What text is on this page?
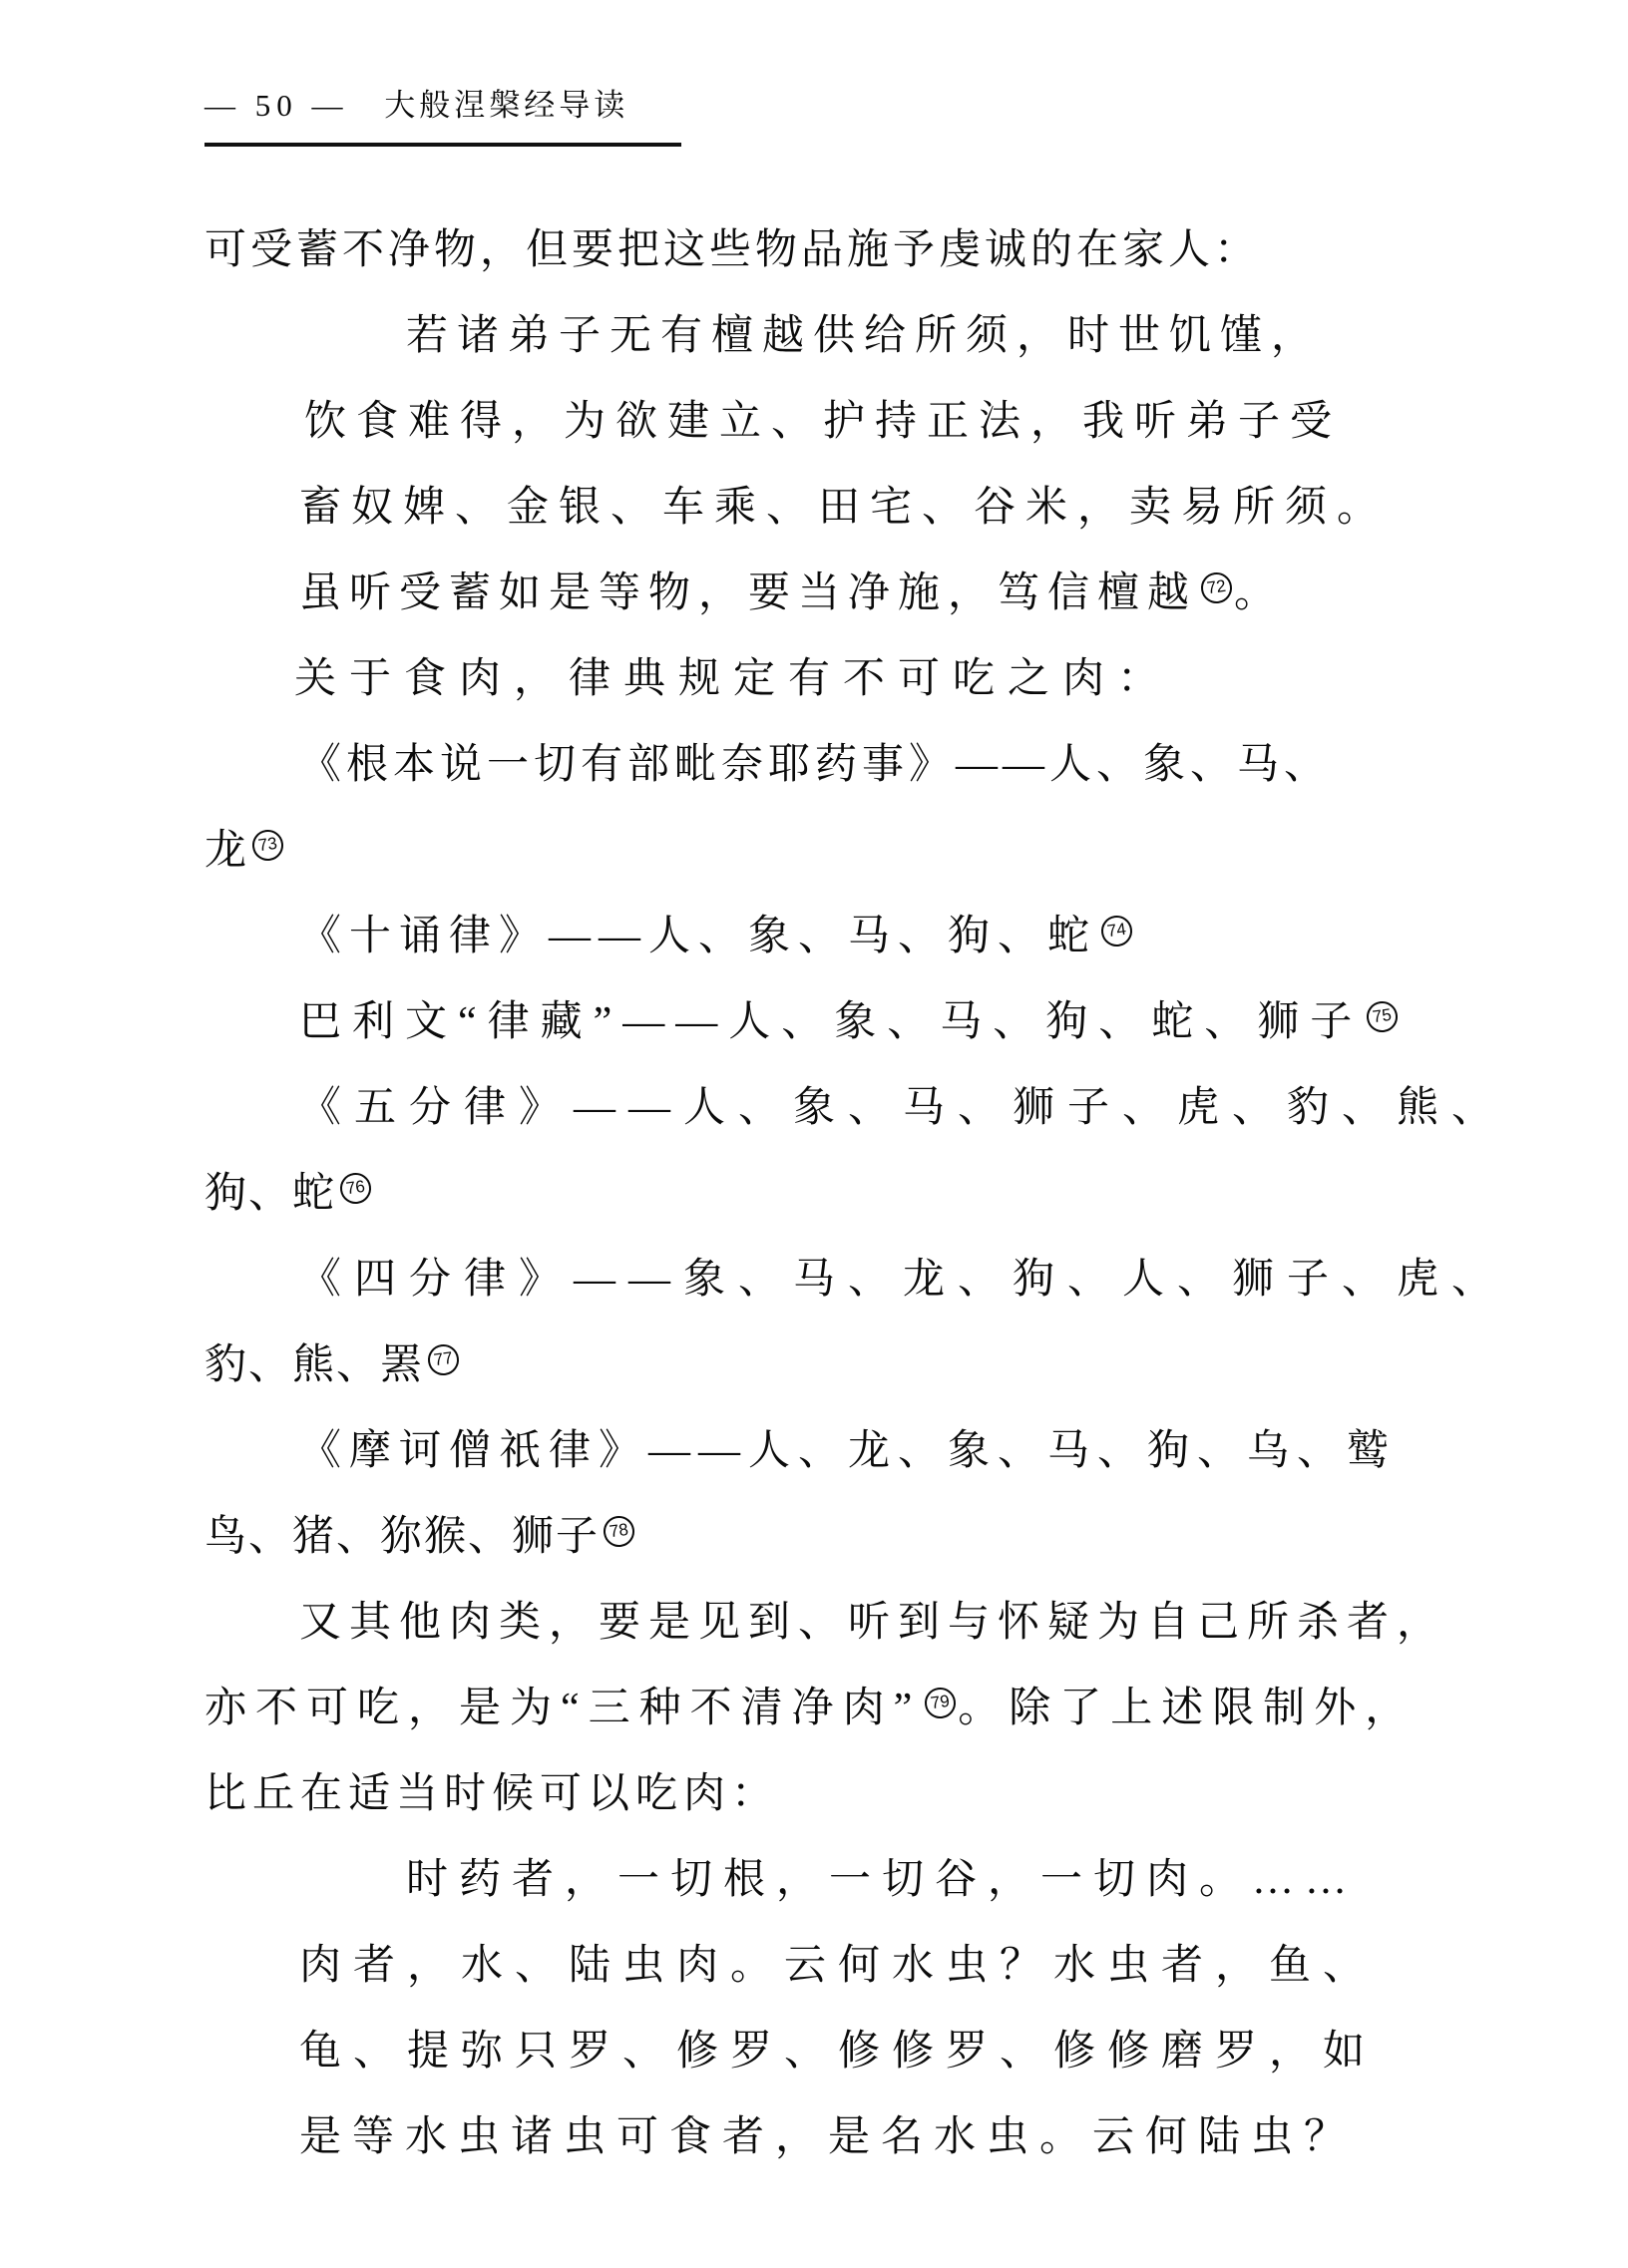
— 50 — 大般涅槃经导读
可受蓄不净物，但要把这些物品施予虔诚的在家人：
若诸弟子无有檀越供给所须，时世饥馑，
饮食难得，为欲建立、护持正法，我听弟子受
畜奴婢、金银、车乘、田宅、谷米，卖易所须。
虽听受蓄如是等物，要当净施，笃信檀越 72 。
关于食肉，律典规定有不可吃之肉：
《根本说一切有部毗奈耶药事》——人、象、马、
龙 73
《十诵律》——人、象、马、狗、蛇 74
巴利文“律藏”——人、象、马、狗、蛇、狮子 75
《五分律》——人、象、马、狮子、虎、豹、熊、
狗、蛇 76
《四分律》——象、马、龙、狗、人、狮子、虎、
豹、熊、罴 77
《摩诃僧祇律》——人、龙、象、马、狗、乌、鹫
鸟、猪、狝猴、狮子 78
又其他肉类，要是见到、听到与怀疑为自己所杀者，
亦不可吃，是为“三种不清净肉” 79 。除了上述限制外，
比丘在适当时候可以吃肉：
时药者，一切根，一切谷，一切肉。……
肉者，水、陆虫肉。云何水虫？水虫者，鱼、
龟、提弥只罗、修罗、修修罗、修修磨罗，如
是等水虫诸虫可食者，是名水虫。云何陆虫？
